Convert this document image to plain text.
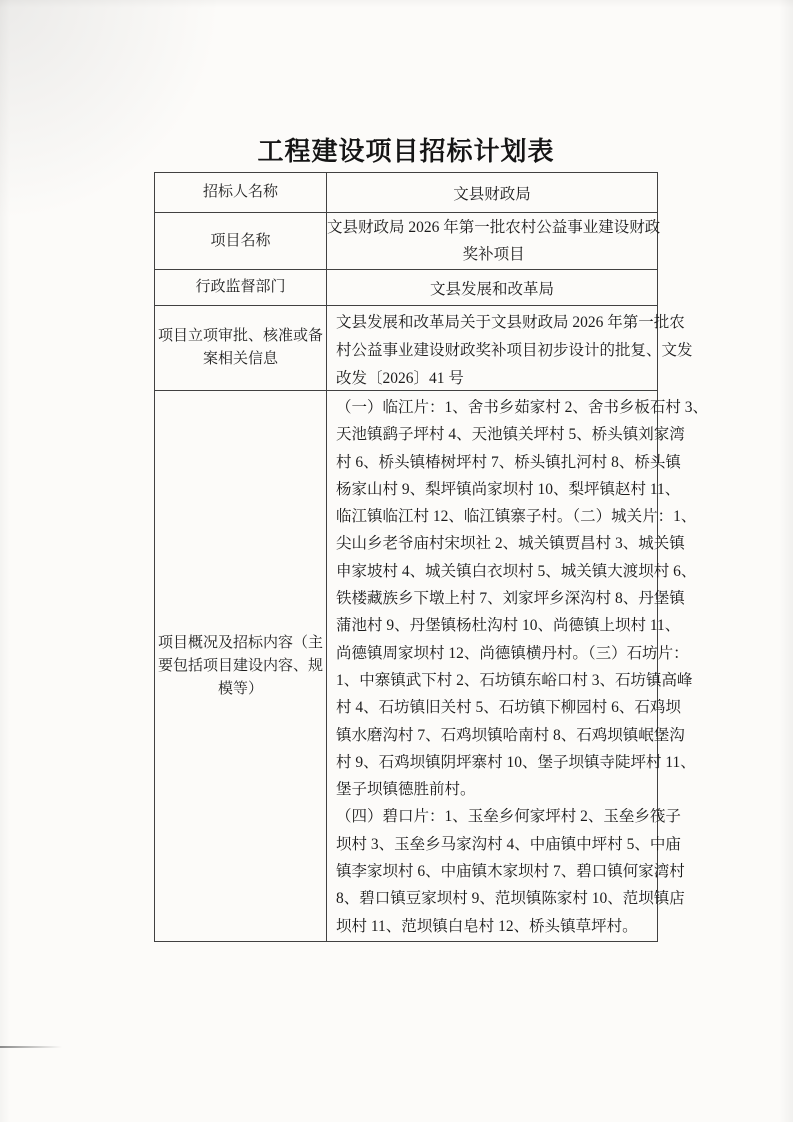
工程建设项目招标计划表
招标人名称	文县财政局
项目名称
文县财政局 2026 年第一批农村公益事业建设财政
奖补项目
行政监督部门	文县发展和改革局
项目立项审批、核准或备
案相关信息
文县发展和改革局关于文县财政局 2026 年第一批农
村公益事业建设财政奖补项目初步设计的批复、文发
改发〔2026〕41 号
项目概况及招标内容（主
要包括项目建设内容、规
模等）
（一）临江片：1、舍书乡茹家村 2、舍书乡板石村 3、
天池镇鹞子坪村 4、天池镇关坪村 5、桥头镇刘家湾
村 6、桥头镇椿树坪村 7、桥头镇扎河村 8、桥头镇
杨家山村 9、梨坪镇尚家坝村 10、梨坪镇赵村 11、
临江镇临江村 12、临江镇寨子村。（二）城关片：1、
尖山乡老爷庙村宋坝社 2、城关镇贾昌村 3、城关镇
申家坡村 4、城关镇白衣坝村 5、城关镇大渡坝村 6、
铁楼藏族乡下墩上村 7、刘家坪乡深沟村 8、丹堡镇
蒲池村 9、丹堡镇杨杜沟村 10、尚德镇上坝村 11、
尚德镇周家坝村 12、尚德镇横丹村。（三）石坊片：
1、中寨镇武下村 2、石坊镇东峪口村 3、石坊镇高峰
村 4、石坊镇旧关村 5、石坊镇下柳园村 6、石鸡坝
镇水磨沟村 7、石鸡坝镇哈南村 8、石鸡坝镇岷堡沟
村 9、石鸡坝镇阴坪寨村 10、堡子坝镇寺陡坪村 11、
堡子坝镇德胜前村。
（四）碧口片：1、玉垒乡何家坪村 2、玉垒乡筏子
坝村 3、玉垒乡马家沟村 4、中庙镇中坪村 5、中庙
镇李家坝村 6、中庙镇木家坝村 7、碧口镇何家湾村
8、碧口镇豆家坝村 9、范坝镇陈家村 10、范坝镇店
坝村 11、范坝镇白皂村 12、桥头镇草坪村。
